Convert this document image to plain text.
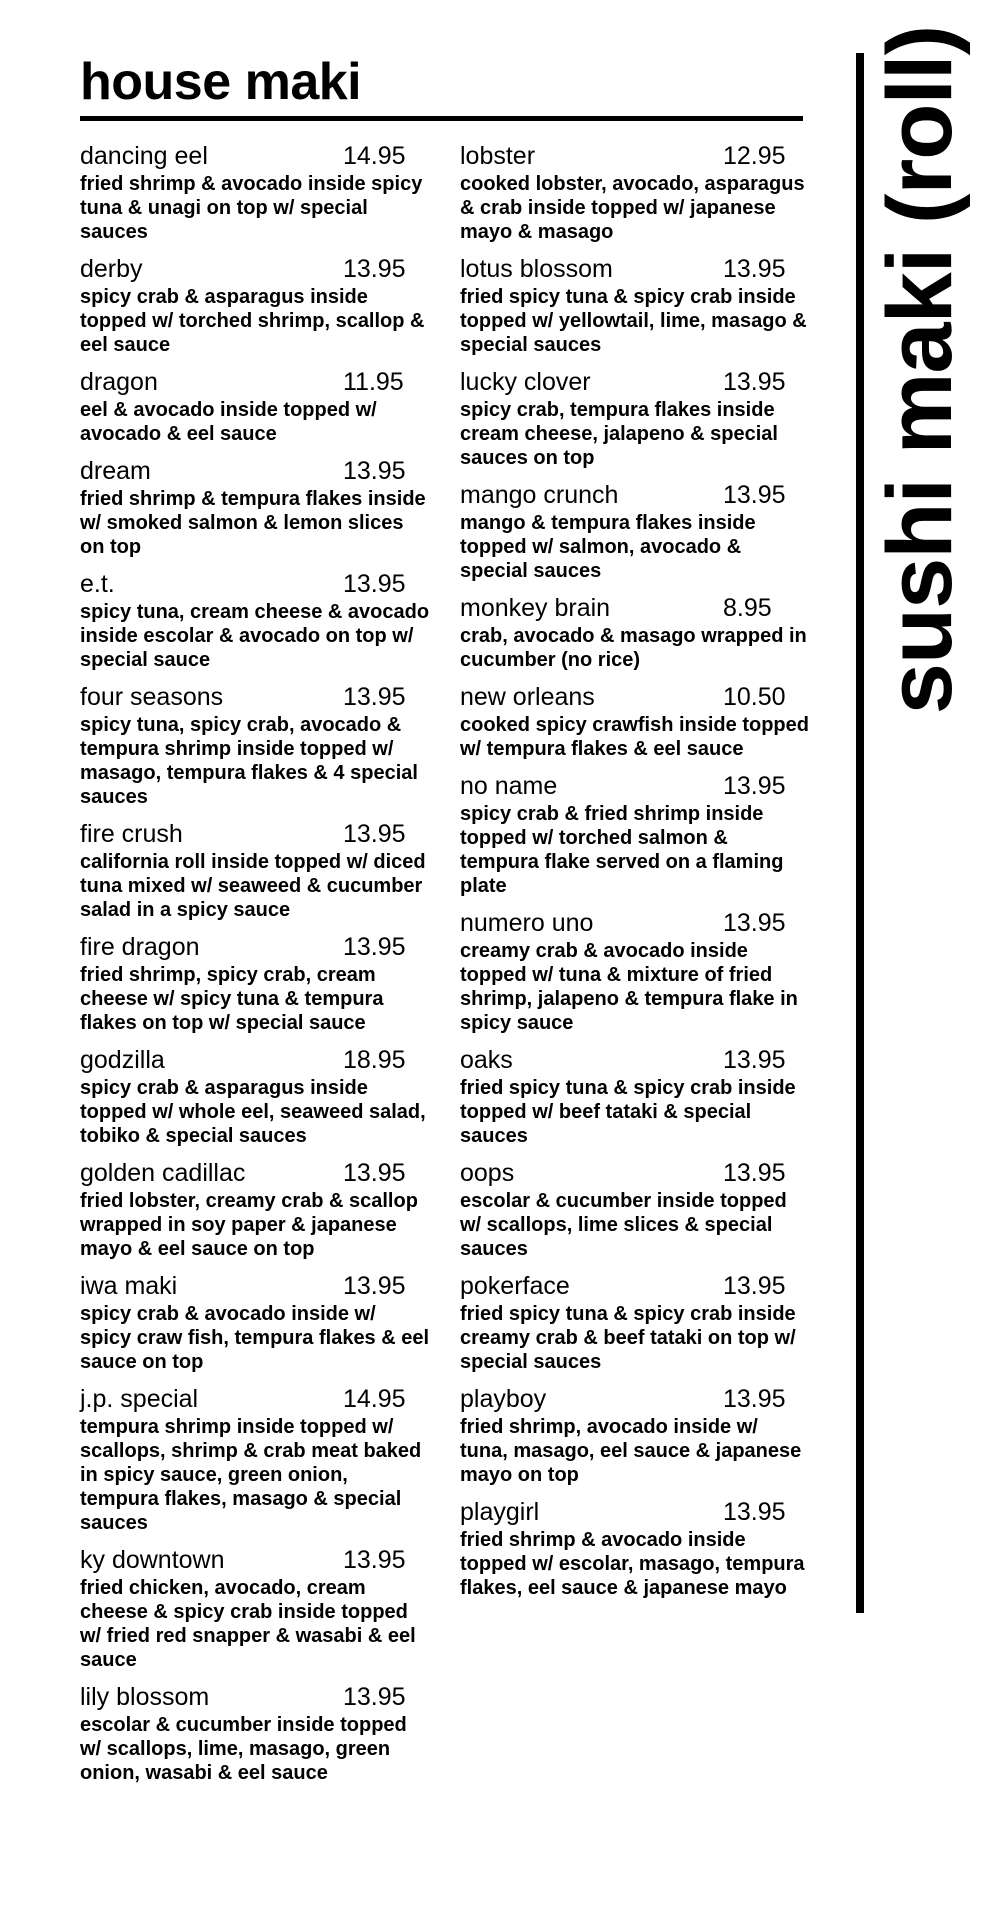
house maki
dancing eel	14.95
fried shrimp & avocado inside spicy tuna & unagi on top w/ special sauces
derby	13.95
spicy crab & asparagus inside topped w/ torched shrimp, scallop & eel sauce
dragon	11.95
eel & avocado inside topped w/ avocado & eel sauce
dream	13.95
fried shrimp & tempura flakes inside w/ smoked salmon & lemon slices on top
e.t.	13.95
spicy tuna, cream cheese & avocado inside escolar & avocado on top w/ special sauce
four seasons	13.95
spicy tuna, spicy crab, avocado & tempura shrimp inside topped w/ masago, tempura flakes & 4 special sauces
fire crush	13.95
california roll inside topped w/ diced tuna mixed w/ seaweed & cucumber salad in a spicy sauce
fire dragon	13.95
fried shrimp, spicy crab, cream cheese w/ spicy tuna & tempura flakes on top w/ special sauce
godzilla	18.95
spicy crab & asparagus inside topped w/ whole eel, seaweed salad, tobiko & special sauces
golden cadillac	13.95
fried lobster, creamy crab & scallop wrapped in soy paper & japanese mayo & eel sauce on top
iwa maki	13.95
spicy crab & avocado inside w/ spicy craw fish, tempura flakes & eel sauce on top
j.p. special	14.95
tempura shrimp inside topped w/ scallops, shrimp & crab meat baked in spicy sauce, green onion, tempura flakes, masago & special sauces
ky downtown	13.95
fried chicken, avocado, cream cheese & spicy crab inside topped w/ fried red snapper & wasabi & eel sauce
lily blossom	13.95
escolar & cucumber inside topped w/ scallops, lime, masago, green onion, wasabi & eel sauce
lobster	12.95
cooked lobster, avocado, asparagus & crab inside topped w/ japanese mayo & masago
lotus blossom	13.95
fried spicy tuna & spicy crab inside topped w/ yellowtail, lime, masago & special sauces
lucky clover	13.95
spicy crab, tempura flakes inside cream cheese, jalapeno & special sauces on top
mango crunch	13.95
mango & tempura flakes inside topped w/ salmon, avocado & special sauces
monkey brain	8.95
crab, avocado & masago wrapped in cucumber (no rice)
new orleans	10.50
cooked spicy crawfish inside topped w/ tempura flakes & eel sauce
no name	13.95
spicy crab & fried shrimp inside topped w/ torched salmon & tempura flake served on a flaming plate
numero uno	13.95
creamy crab & avocado inside topped w/ tuna & mixture of fried shrimp, jalapeno & tempura flake in spicy sauce
oaks	13.95
fried spicy tuna & spicy crab inside topped w/ beef tataki & special sauces
oops	13.95
escolar & cucumber inside topped w/ scallops, lime slices & special sauces
pokerface	13.95
fried spicy tuna & spicy crab inside creamy crab & beef tataki on top w/ special sauces
playboy	13.95
fried shrimp, avocado inside w/ tuna, masago, eel sauce & japanese mayo on top
playgirl	13.95
fried shrimp & avocado inside topped w/ escolar, masago, tempura flakes, eel sauce & japanese mayo
sushi maki (roll)
